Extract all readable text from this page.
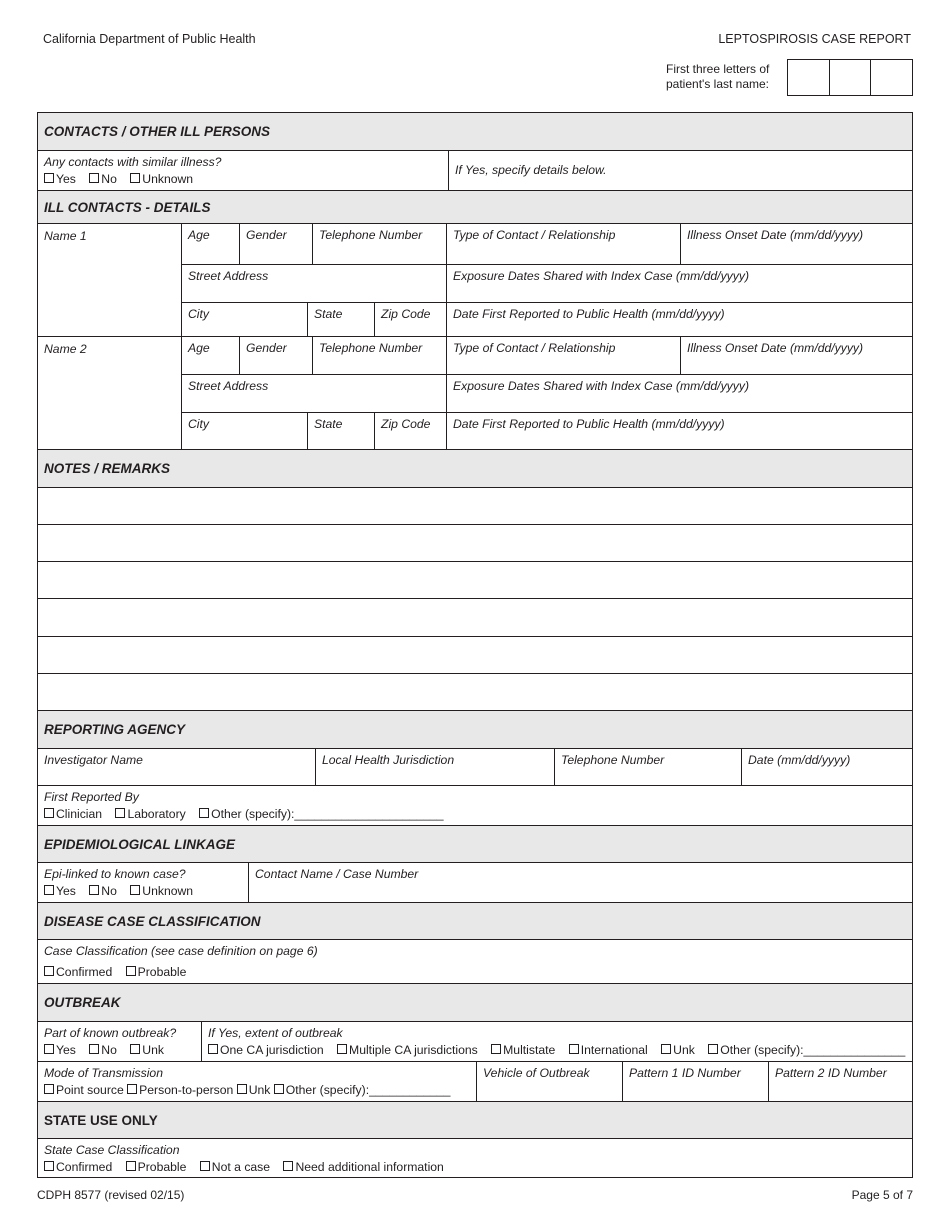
California Department of Public Health	LEPTOSPIROSIS CASE REPORT
First three letters of
patient's last name:
CONTACTS / OTHER ILL PERSONS
Any contacts with similar illness?
Yes No Unknown
If Yes, specify details below.
ILL CONTACTS - DETAILS
Name 1	Age	Gender	Telephone Number	Type of Contact / Relationship	Illness Onset Date (mm/dd/yyyy)
Street Address	Exposure Dates Shared with Index Case (mm/dd/yyyy)
City	State	Zip Code	Date First Reported to Public Health (mm/dd/yyyy)
Name 2	Age	Gender	Telephone Number	Type of Contact / Relationship	Illness Onset Date (mm/dd/yyyy)
Street Address	Exposure Dates Shared with Index Case (mm/dd/yyyy)
City	State	Zip Code	Date First Reported to Public Health (mm/dd/yyyy)
NOTES / REMARKS
REPORTING AGENCY
Investigator Name	Local Health Jurisdiction	Telephone Number	Date (mm/dd/yyyy)
First Reported By
Clinician Laboratory Other (specify):______________________
EPIDEMIOLOGICAL LINKAGE
Epi-linked to known case?
Yes No Unknown
Contact Name / Case Number
DISEASE CASE CLASSIFICATION
Case Classification (see case definition on page 6)
Confirmed Probable
OUTBREAK
Part of known outbreak?
Yes No Unk
If Yes, extent of outbreak
One CA jurisdiction Multiple CA jurisdictions Multistate International Unk Other (specify):_______________
Mode of Transmission
Point source Person-to-person Unk Other (specify):____________
Vehicle of Outbreak	Pattern 1 ID Number	Pattern 2 ID Number
STATE USE ONLY
State Case Classification
Confirmed Probable Not a case Need additional information
CDPH 8577 (revised 02/15)	Page 5 of 7
